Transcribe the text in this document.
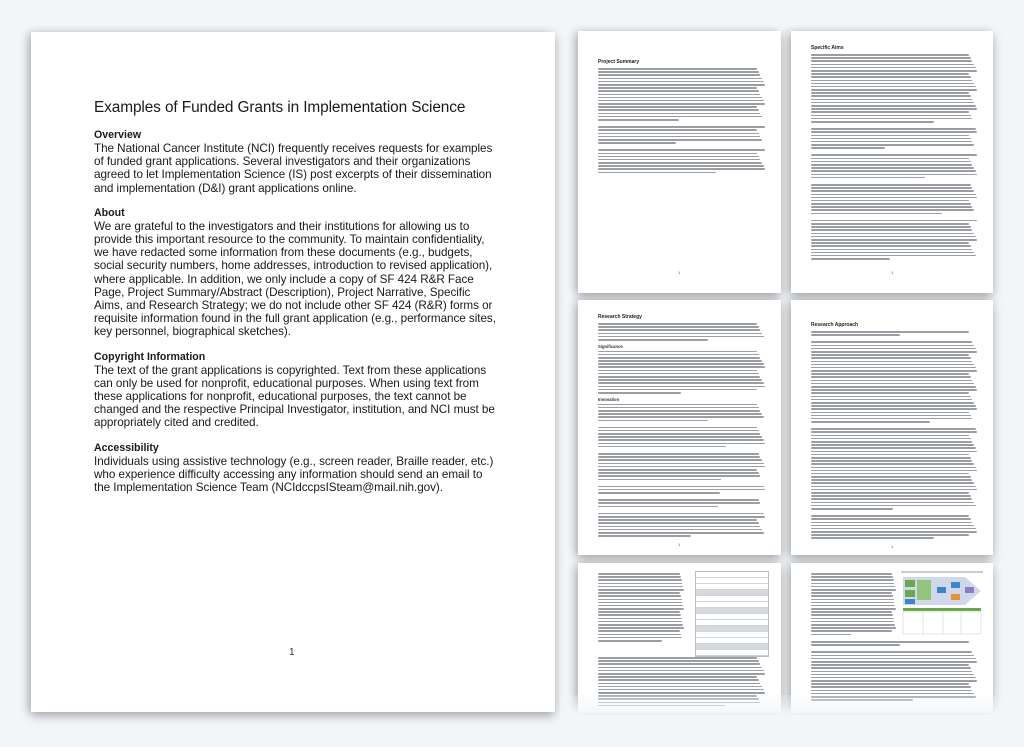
Examples of Funded Grants in Implementation Science

Overview

The National Cancer Institute (NCI) frequently receives requests for examples of funded grant applications. Several investigators and their organizations agreed to let Implementation Science (IS) post excerpts of their dissemination and implementation (D&I) grant applications online.

About

We are grateful to the investigators and their institutions for allowing us to provide this important resource to the community. To maintain confidentiality, we have redacted some information from these documents (e.g., budgets, social security numbers, home addresses, introduction to revised application), where applicable. In addition, we only include a copy of SF 424 R&R Face Page, Project Summary/Abstract (Description), Project Narrative, Specific Aims, and Research Strategy; we do not include other SF 424 (R&R) forms or requisite information found in the full grant application (e.g., performance sites, key personnel, biographical sketches).

Copyright Information

The text of the grant applications is copyrighted. Text from these applications can only be used for nonprofit, educational purposes. When using text from these applications for nonprofit, educational purposes, the text cannot be changed and the respective Principal Investigator, institution, and NCI must be appropriately cited and credited.

Accessibility

Individuals using assistive technology (e.g., screen reader, Braille reader, etc.) who experience difficulty accessing any information should send an email to the Implementation Science Team (NCIdccpsISteam@mail.nih.gov).

1
Project Summary
1
Specific Aims
1
Research Strategy
Significance
Innovation
1
Research Approach
1
